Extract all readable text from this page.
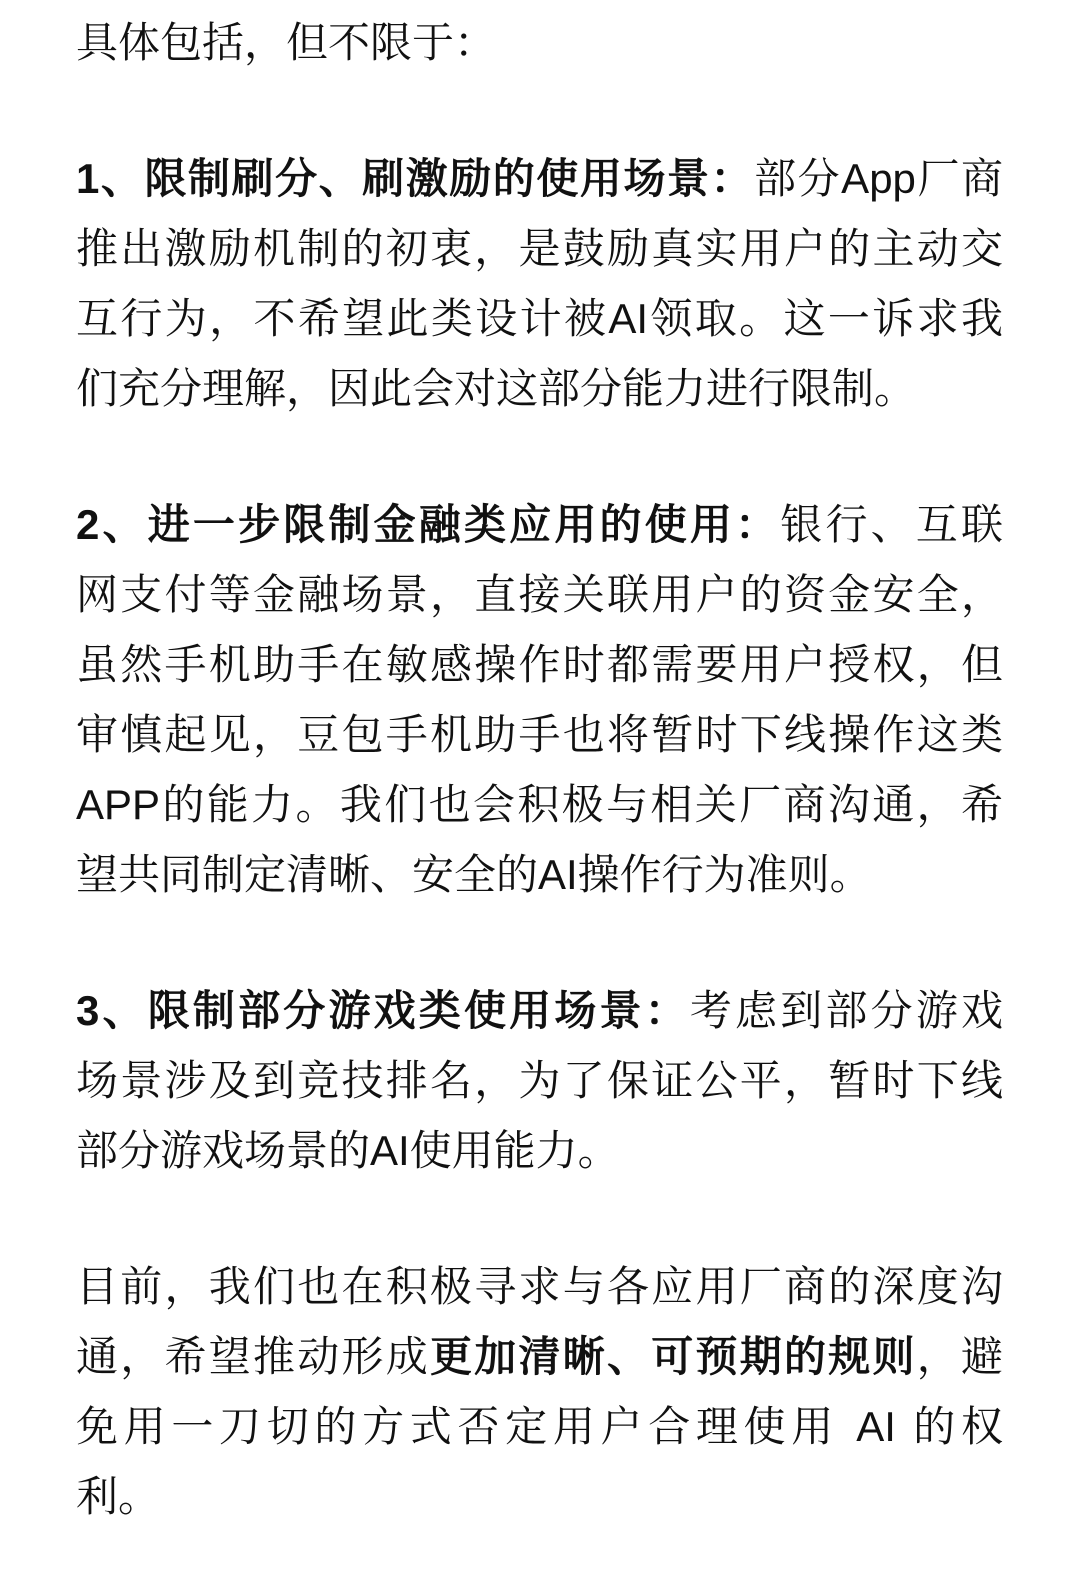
具体包括，但不限于：
1、限制刷分、刷激励的使用场景：部分App厂商
推出激励机制的初衷，是鼓励真实用户的主动交
互行为，不希望此类设计被AI领取。这一诉求我
们充分理解，因此会对这部分能力进行限制。
2、进一步限制金融类应用的使用：银行、互联
网支付等金融场景，直接关联用户的资金安全，
虽然手机助手在敏感操作时都需要用户授权，但
审慎起见，豆包手机助手也将暂时下线操作这类
APP的能力。我们也会积极与相关厂商沟通，希
望共同制定清晰、安全的AI操作行为准则。
3、限制部分游戏类使用场景：考虑到部分游戏
场景涉及到竞技排名，为了保证公平，暂时下线
部分游戏场景的AI使用能力。
目前，我们也在积极寻求与各应用厂商的深度沟
通，希望推动形成更加清晰、可预期的规则，避
免用一刀切的方式否定用户合理使用 AI 的权
利。
